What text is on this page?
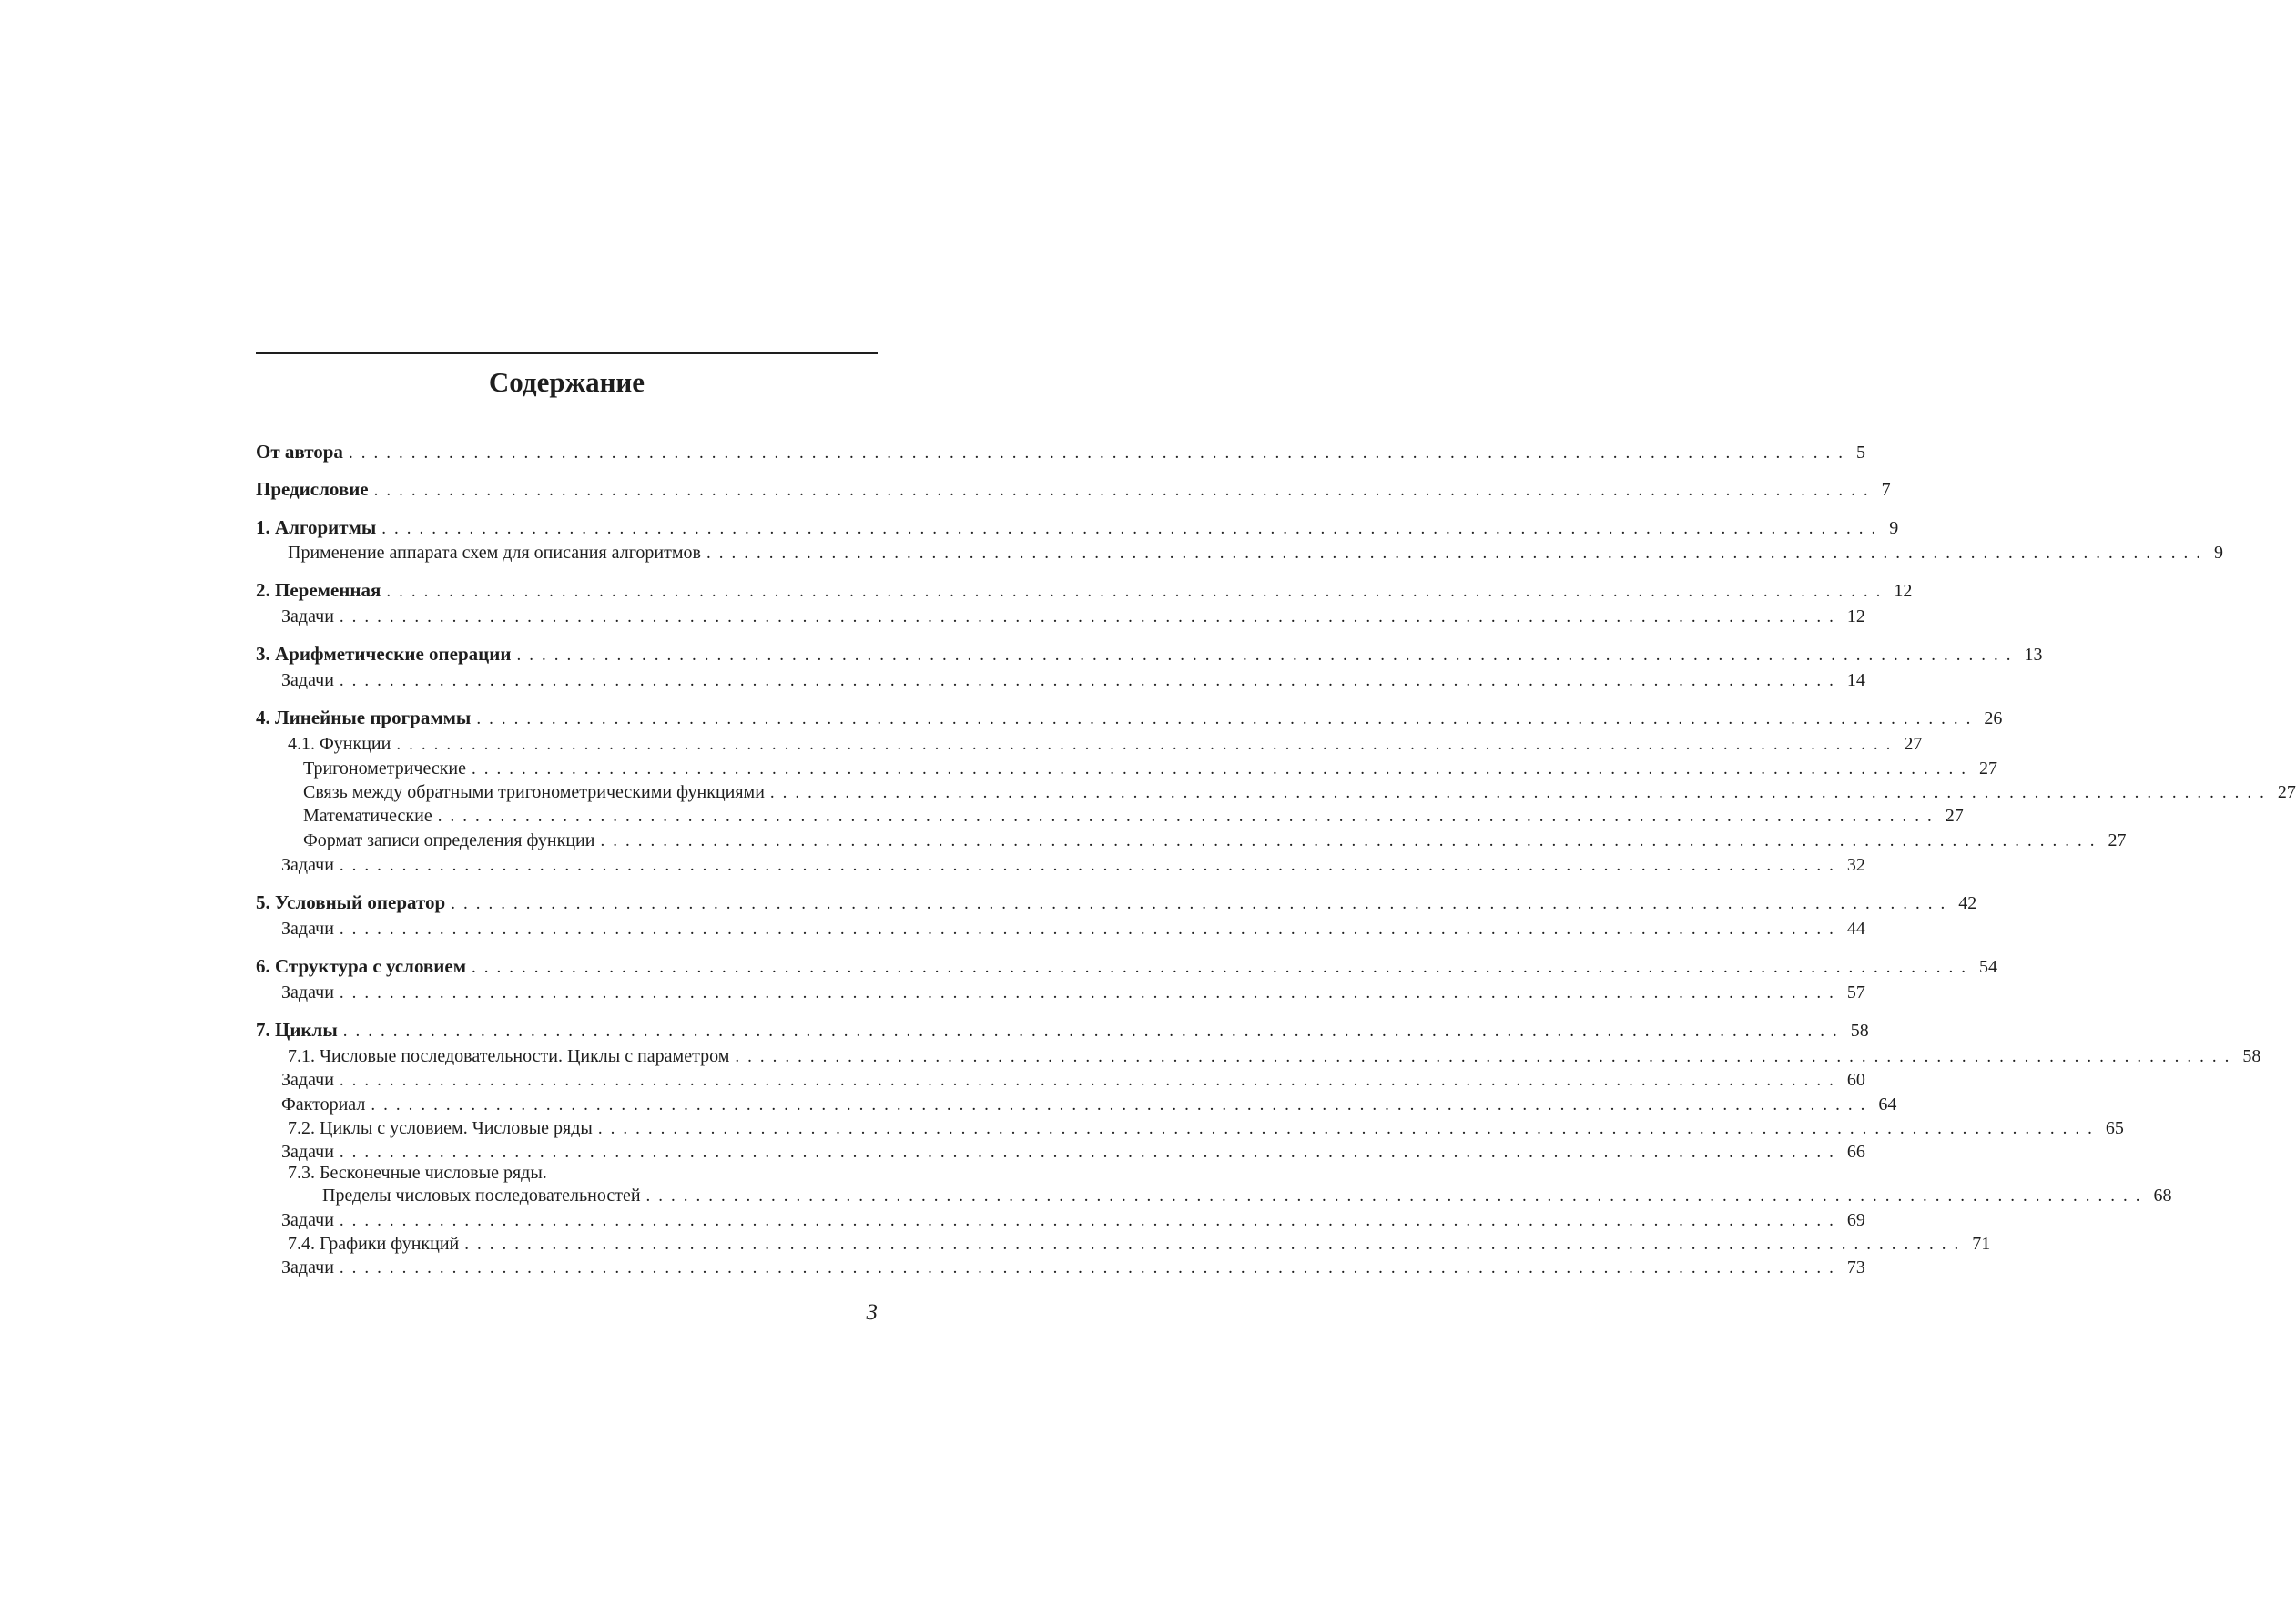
Содержание
От автора ........................................................................................................................ 5
Предисловие ........................................................................................................................ 7
1. Алгоритмы ........................................................................................................................ 9
Применение аппарата схем для описания алгоритмов ........................................................................................................................ 9
2. Переменная ........................................................................................................................ 12
Задачи ........................................................................................................................ 12
3. Арифметические операции ........................................................................................................................ 13
Задачи ........................................................................................................................ 14
4. Линейные программы ........................................................................................................................ 26
4.1. Функции ........................................................................................................................ 27
Тригонометрические ........................................................................................................................ 27
Связь между обратными тригонометрическими функциями ........................................................................................................................ 27
Математические ........................................................................................................................ 27
Формат записи определения функции ........................................................................................................................ 27
Задачи ........................................................................................................................ 32
5. Условный оператор ........................................................................................................................ 42
Задачи ........................................................................................................................ 44
6. Структура с условием ........................................................................................................................ 54
Задачи ........................................................................................................................ 57
7. Циклы ........................................................................................................................ 58
7.1. Числовые последовательности. Циклы с параметром ........................................................................................................................ 58
Задачи ........................................................................................................................ 60
Факториал ........................................................................................................................ 64
7.2. Циклы с условием. Числовые ряды ........................................................................................................................ 65
Задачи ........................................................................................................................ 66
7.3. Бесконечные числовые ряды.
Пределы числовых последовательностей ........................................................................................................................ 68
Задачи ........................................................................................................................ 69
7.4. Графики функций ........................................................................................................................ 71
Задачи ........................................................................................................................ 73
3
